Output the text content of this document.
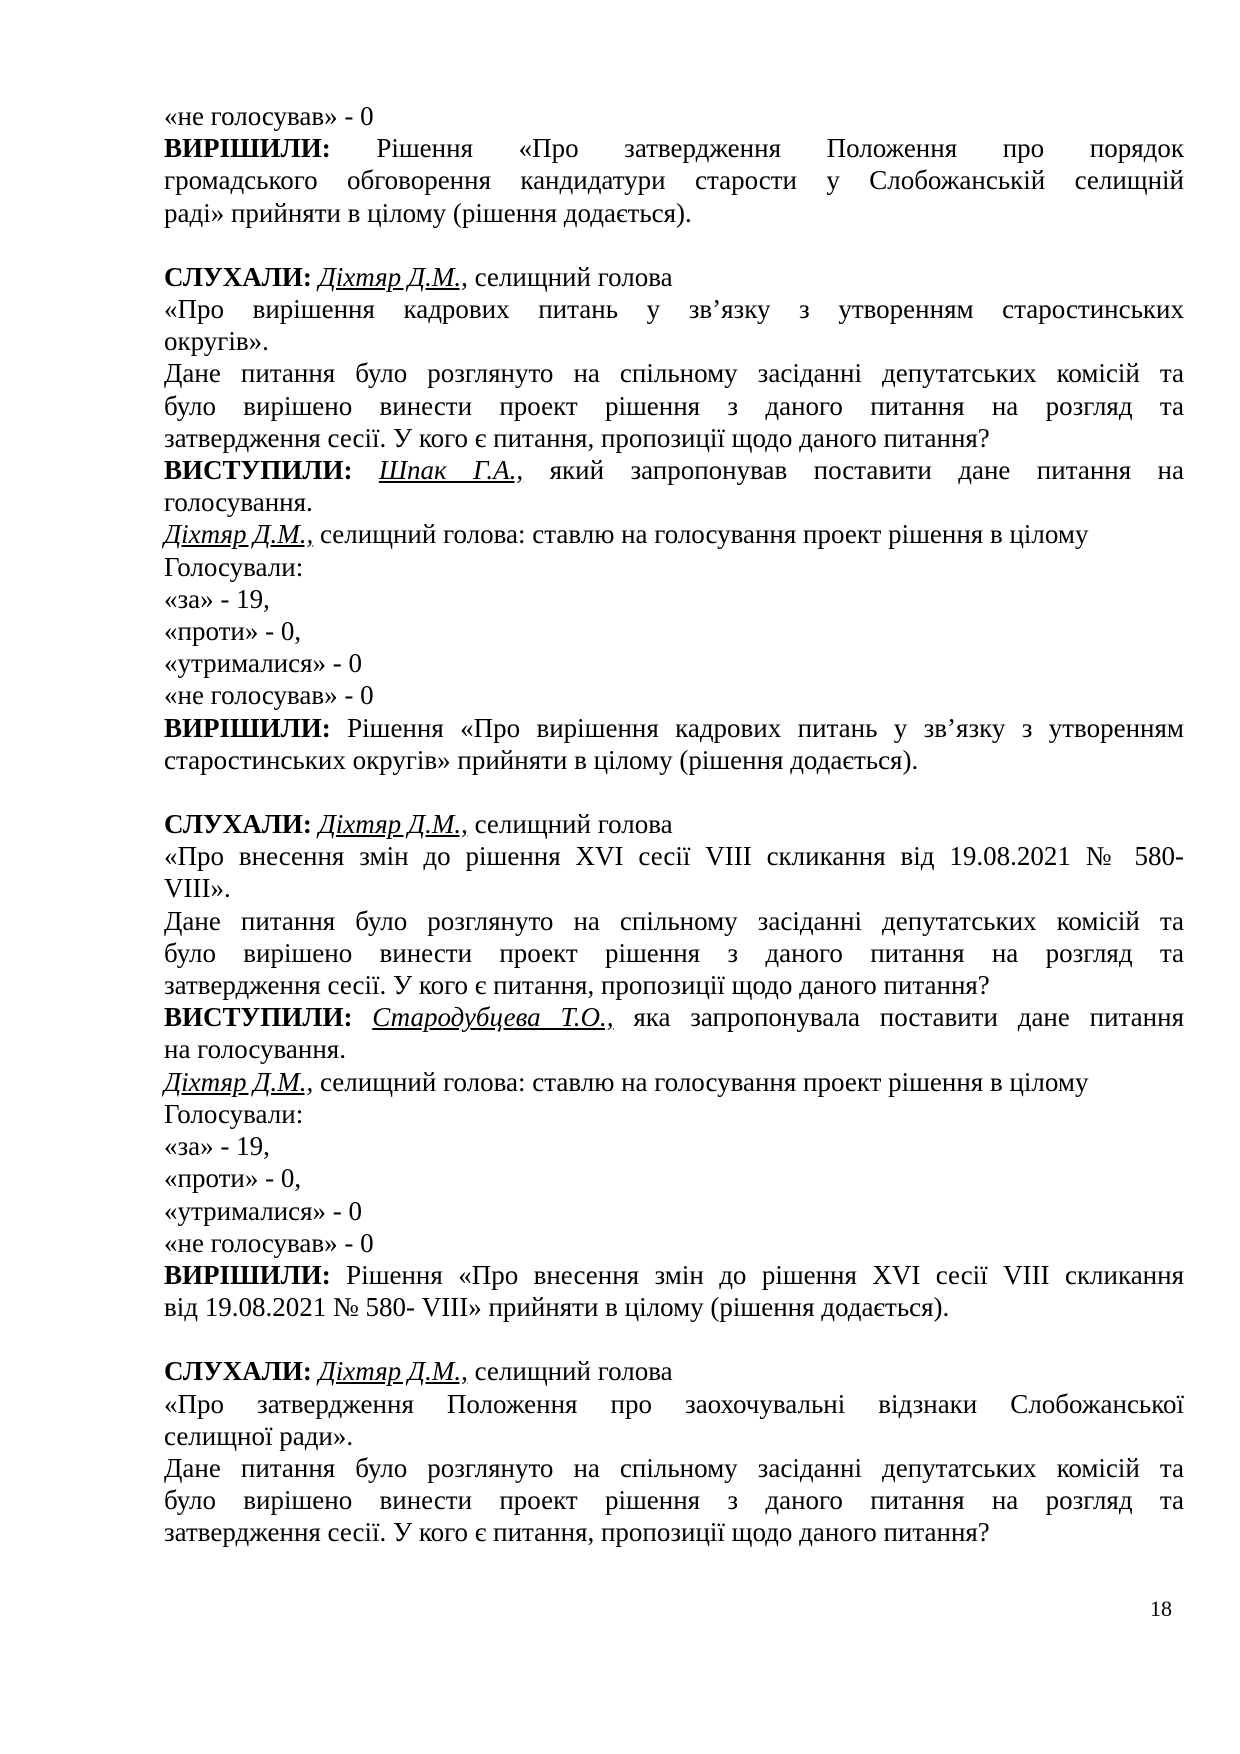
«не голосував» - 0
ВИРІШИЛИ: Рішення «Про затвердження Положення про порядок
громадського обговорення кандидатури старости у Слобожанській селищній
раді» прийняти в цілому (рішення додається).
СЛУХАЛИ: Діхтяр Д.М., селищний голова
«Про вирішення кадрових питань у зв’язку з утворенням старостинських
округів».
Дане питання було розглянуто на спільному засіданні депутатських комісій та
було вирішено винести проект рішення з даного питання на розгляд та
затвердження сесії. У кого є питання, пропозиції щодо даного питання?
ВИСТУПИЛИ: Шпак Г.А., який запропонував поставити дане питання на
голосування.
Діхтяр Д.М., селищний голова: ставлю на голосування проект рішення в цілому
Голосували:
«за» - 19,
«проти» - 0,
«утрималися» - 0
«не голосував» - 0
ВИРІШИЛИ: Рішення «Про вирішення кадрових питань у зв’язку з утворенням
старостинських округів» прийняти в цілому (рішення додається).
СЛУХАЛИ: Діхтяр Д.М., селищний голова
«Про внесення змін до рішення XVI сесії VIII скликання від 19.08.2021 № 580-
VIII».
Дане питання було розглянуто на спільному засіданні депутатських комісій та
було вирішено винести проект рішення з даного питання на розгляд та
затвердження сесії. У кого є питання, пропозиції щодо даного питання?
ВИСТУПИЛИ: Стародубцева Т.О., яка запропонувала поставити дане питання
на голосування.
Діхтяр Д.М., селищний голова: ставлю на голосування проект рішення в цілому
Голосували:
«за» - 19,
«проти» - 0,
«утрималися» - 0
«не голосував» - 0
ВИРІШИЛИ: Рішення «Про внесення змін до рішення XVI сесії VIII скликання
від 19.08.2021 № 580- VIII» прийняти в цілому (рішення додається).
СЛУХАЛИ: Діхтяр Д.М., селищний голова
«Про затвердження Положення про заохочувальні відзнаки Слобожанської
селищної ради».
Дане питання було розглянуто на спільному засіданні депутатських комісій та
було вирішено винести проект рішення з даного питання на розгляд та
затвердження сесії. У кого є питання, пропозиції щодо даного питання?
18
